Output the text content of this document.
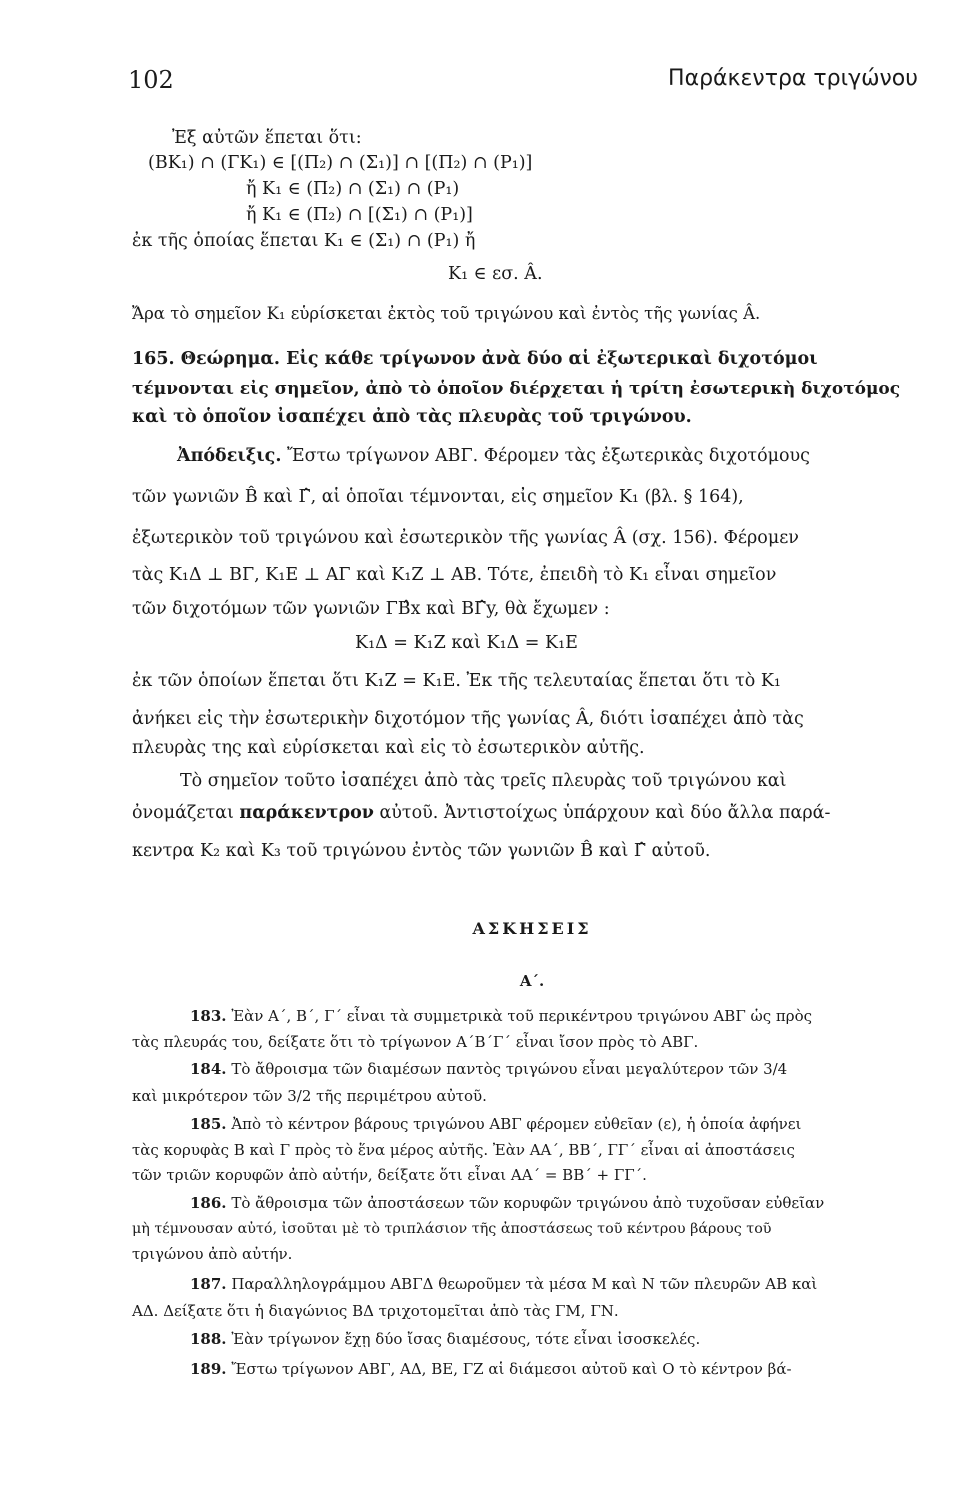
102	Παράκεντρα τριγώνου
Ἐξ αὐτῶν ἕπεται ὅτι:
(BK₁) ∩ (ΓK₁) ∈ [(Π₂) ∩ (Σ₁)] ∩ [(Π₂) ∩ (P₁)]
ἤ K₁ ∈ (Π₂) ∩ (Σ₁) ∩ (P₁)
ἤ K₁ ∈ (Π₂) ∩ [(Σ₁) ∩ (P₁)]
ἐκ τῆς ὁποίας ἕπεται K₁ ∈ (Σ₁) ∩ (P₁) ἤ
K₁ ∈ εσ. Â.
Ἄρα τὸ σημεῖον K₁ εὑρίσκεται ἐκτὸς τοῦ τριγώνου καὶ ἐντὸς τῆς γωνίας Â.
165. Θεώρημα. Εἰς κάθε τρίγωνον ἀνὰ δύο αἱ ἐξωτερικαὶ διχοτόμοι
τέμνονται εἰς σημεῖον, ἀπὸ τὸ ὁποῖον διέρχεται ἡ τρίτη ἐσωτερικὴ διχοτόμος
καὶ τὸ ὁποῖον ἰσαπέχει ἀπὸ τὰς πλευρὰς τοῦ τριγώνου.
Ἀπόδειξις. Ἔστω τρίγωνον ΑΒΓ. Φέρομεν τὰς ἐξωτερικὰς διχοτόμους
τῶν γωνιῶν B̂ καὶ Γ̂, αἱ ὁποῖαι τέμνονται, εἰς σημεῖον K₁ (βλ. § 164),
ἐξωτερικὸν τοῦ τριγώνου καὶ ἐσωτερικὸν τῆς γωνίας Â (σχ. 156). Φέρομεν
τὰς K₁Δ ⊥ ΒΓ, K₁Ε ⊥ ΑΓ καὶ K₁Ζ ⊥ ΑΒ. Τότε, ἐπειδὴ τὸ K₁ εἶναι σημεῖον
τῶν διχοτόμων τῶν γωνιῶν ΓΒ̂x καὶ ΒΓ̂y, θὰ ἔχωμεν :
K₁Δ = K₁Ζ καὶ K₁Δ = K₁Ε
ἐκ τῶν ὁποίων ἕπεται ὅτι K₁Ζ = K₁Ε. Ἐκ τῆς τελευταίας ἕπεται ὅτι τὸ K₁
ἀνήκει εἰς τὴν ἐσωτερικὴν διχοτόμον τῆς γωνίας Â, διότι ἰσαπέχει ἀπὸ τὰς
πλευρὰς της καὶ εὑρίσκεται καὶ εἰς τὸ ἐσωτερικὸν αὐτῆς.
Τὸ σημεῖον τοῦτο ἰσαπέχει ἀπὸ τὰς τρεῖς πλευρὰς τοῦ τριγώνου καὶ
ὀνομάζεται παράκεντρον αὐτοῦ. Ἀντιστοίχως ὑπάρχουν καὶ δύο ἄλλα παρά-
κεντρα K₂ καὶ K₃ τοῦ τριγώνου ἐντὸς τῶν γωνιῶν B̂ καὶ Γ̂ αὐτοῦ.
ΑΣΚΗΣΕΙΣ
Α΄.
183. Ἐὰν Α΄, Β΄, Γ΄ εἶναι τὰ συμμετρικὰ τοῦ περικέντρου τριγώνου ΑΒΓ ὡς πρὸς
τὰς πλευράς του, δείξατε ὅτι τὸ τρίγωνον Α΄Β΄Γ΄ εἶναι ἴσον πρὸς τὸ ΑΒΓ.
184. Τὸ ἄθροισμα τῶν διαμέσων παντὸς τριγώνου εἶναι μεγαλύτερον τῶν 3/4
καὶ μικρότερον τῶν 3/2 τῆς περιμέτρου αὐτοῦ.
185. Ἀπὸ τὸ κέντρον βάρους τριγώνου ΑΒΓ φέρομεν εὐθεῖαν (ε), ἡ ὁποία ἀφήνει
τὰς κορυφὰς Β καὶ Γ πρὸς τὸ ἕνα μέρος αὐτῆς. Ἐὰν ΑΑ΄, ΒΒ΄, ΓΓ΄ εἶναι αἱ ἀποστάσεις
τῶν τριῶν κορυφῶν ἀπὸ αὐτήν, δείξατε ὅτι εἶναι ΑΑ΄ = ΒΒ΄ + ΓΓ΄.
186. Τὸ ἄθροισμα τῶν ἀποστάσεων τῶν κορυφῶν τριγώνου ἀπὸ τυχοῦσαν εὐθεῖαν
μὴ τέμνουσαν αὐτό, ἰσοῦται μὲ τὸ τριπλάσιον τῆς ἀποστάσεως τοῦ κέντρου βάρους τοῦ
τριγώνου ἀπὸ αὐτήν.
187. Παραλληλογράμμου ΑΒΓΔ θεωροῦμεν τὰ μέσα Μ καὶ Ν τῶν πλευρῶν ΑΒ καὶ
ΑΔ. Δείξατε ὅτι ἡ διαγώνιος ΒΔ τριχοτομεῖται ἀπὸ τὰς ΓΜ, ΓΝ.
188. Ἐὰν τρίγωνον ἔχῃ δύο ἴσας διαμέσους, τότε εἶναι ἰσοσκελές.
189. Ἔστω τρίγωνον ΑΒΓ, ΑΔ, ΒΕ, ΓΖ αἱ διάμεσοι αὐτοῦ καὶ Ο τὸ κέντρον βά-
